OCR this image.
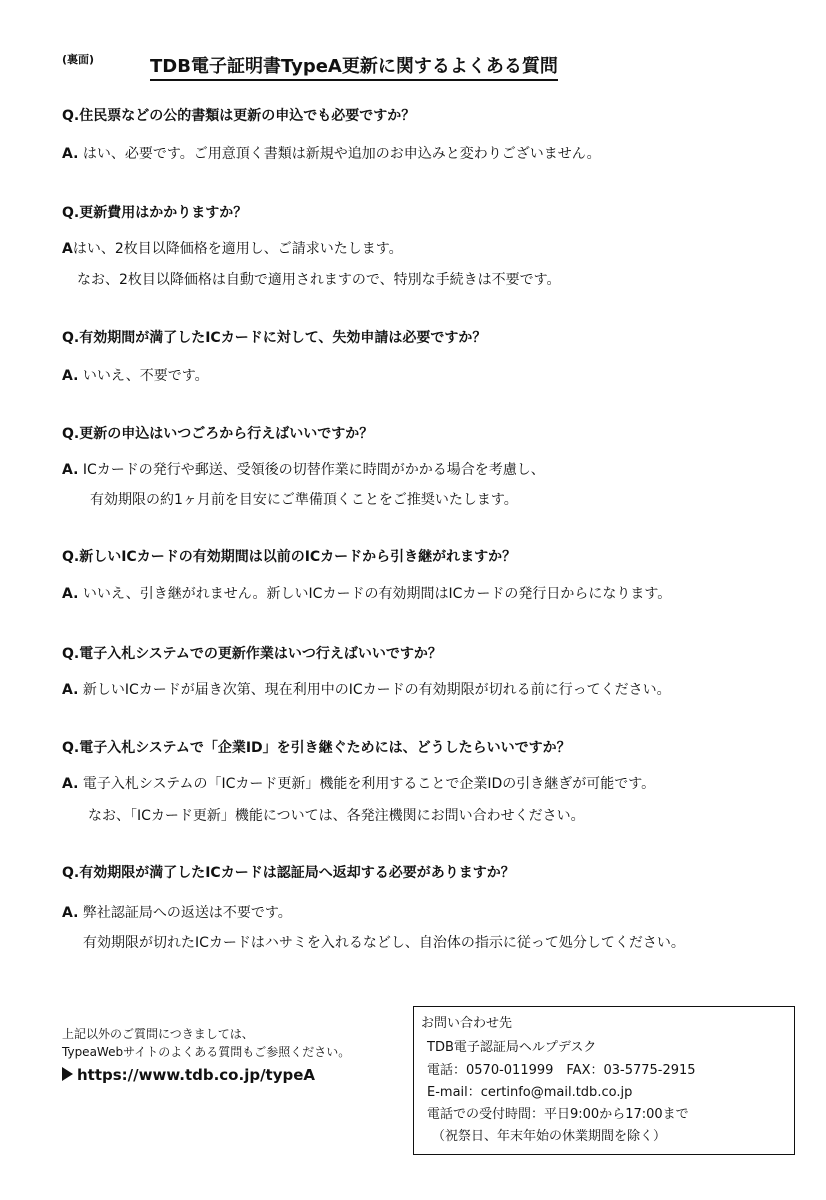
(裏面)	TDB電子証明書TypeA更新に関するよくある質問
Q.住民票などの公的書類は更新の申込でも必要ですか？
A. はい、必要です。ご用意頂く書類は新規や追加のお申込みと変わりございません。
Q.更新費用はかかりますか？
Aはい、2枚目以降価格を適用し、ご請求いたします。
なお、2枚目以降価格は自動で適用されますので、特別な手続きは不要です。
Q.有効期間が満了したICカードに対して、失効申請は必要ですか？
A. いいえ、不要です。
Q.更新の申込はいつごろから行えばいいですか？
A. ICカードの発行や郵送、受領後の切替作業に時間がかかる場合を考慮し、
有効期限の約1ヶ月前を目安にご準備頂くことをご推奨いたします。
Q.新しいICカードの有効期間は以前のICカードから引き継がれますか？
A. いいえ、引き継がれません。新しいICカードの有効期間はICカードの発行日からになります。
Q.電子入札システムでの更新作業はいつ行えばいいですか？
A. 新しいICカードが届き次第、現在利用中のICカードの有効期限が切れる前に行ってください。
Q.電子入札システムで「企業ID」を引き継ぐためには、どうしたらいいですか？
A. 電子入札システムの「ICカード更新」機能を利用することで企業IDの引き継ぎが可能です。
なお、「ICカード更新」機能については、各発注機関にお問い合わせください。
Q.有効期限が満了したICカードは認証局へ返却する必要がありますか？
A. 弊社認証局への返送は不要です。
有効期限が切れたICカードはハサミを入れるなどし、自治体の指示に従って処分してください。
上記以外のご質問につきましては、
TypeaWebサイトのよくある質問もご参照ください。
https://www.tdb.co.jp/typeA
お問い合わせ先
TDB電子認証局ヘルプデスク
電話：0570-011999　FAX：03-5775-2915
E-mail：certinfo@mail.tdb.co.jp
電話での受付時間：平日9:00から17:00まで
（祝祭日、年末年始の休業期間を除く）
